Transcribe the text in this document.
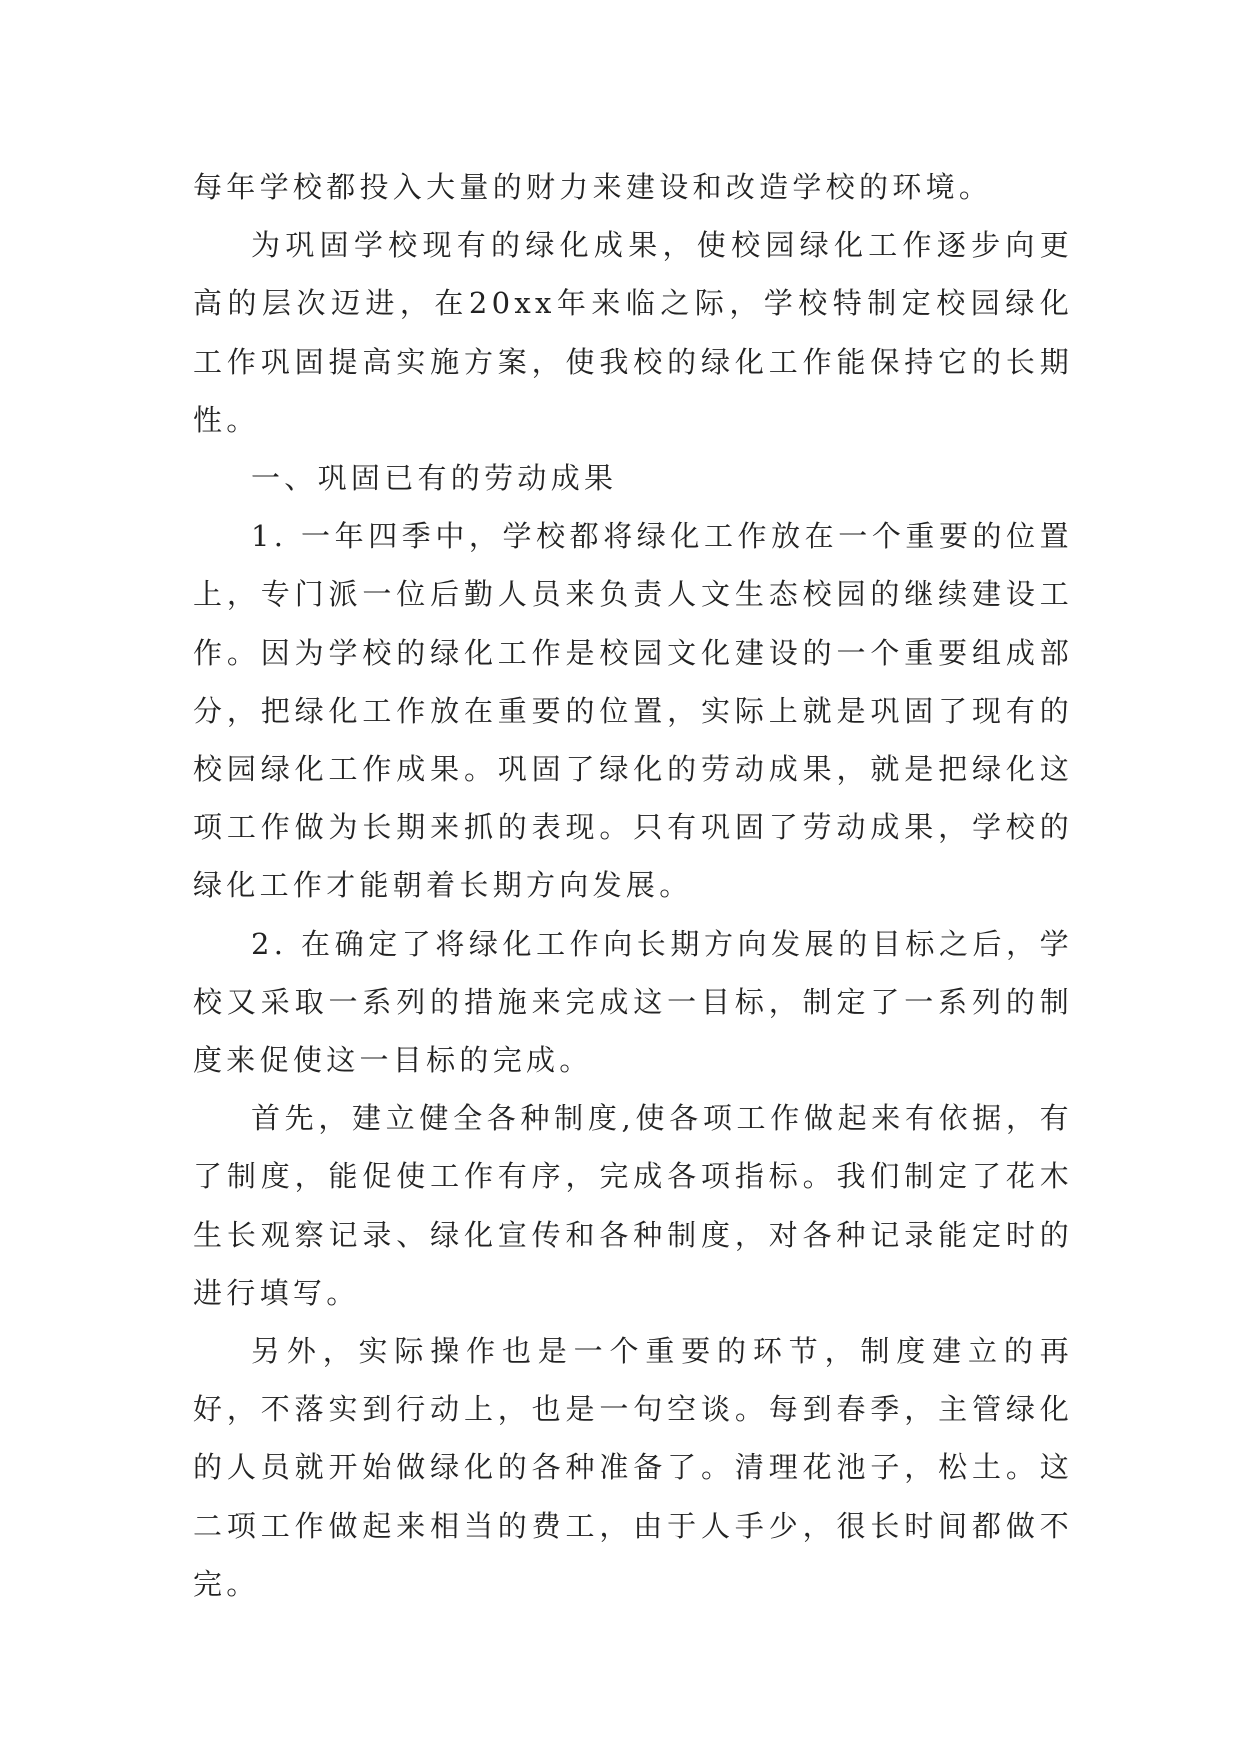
每年学校都投入大量的财力来建设和改造学校的环境。

为巩固学校现有的绿化成果，使校园绿化工作逐步向更高的层次迈进，在20xx年来临之际，学校特制定校园绿化工作巩固提高实施方案，使我校的绿化工作能保持它的长期性。

一、巩固已有的劳动成果

1. 一年四季中，学校都将绿化工作放在一个重要的位置上，专门派一位后勤人员来负责人文生态校园的继续建设工作。因为学校的绿化工作是校园文化建设的一个重要组成部分，把绿化工作放在重要的位置，实际上就是巩固了现有的校园绿化工作成果。巩固了绿化的劳动成果，就是把绿化这项工作做为长期来抓的表现。只有巩固了劳动成果，学校的绿化工作才能朝着长期方向发展。

2. 在确定了将绿化工作向长期方向发展的目标之后，学校又采取一系列的措施来完成这一目标，制定了一系列的制度来促使这一目标的完成。

首先，建立健全各种制度,使各项工作做起来有依据，有了制度，能促使工作有序，完成各项指标。我们制定了花木生长观察记录、绿化宣传和各种制度，对各种记录能定时的进行填写。

另外，实际操作也是一个重要的环节，制度建立的再好，不落实到行动上，也是一句空谈。每到春季，主管绿化的人员就开始做绿化的各种准备了。清理花池子，松土。这二项工作做起来相当的费工，由于人手少，很长时间都做不完。
